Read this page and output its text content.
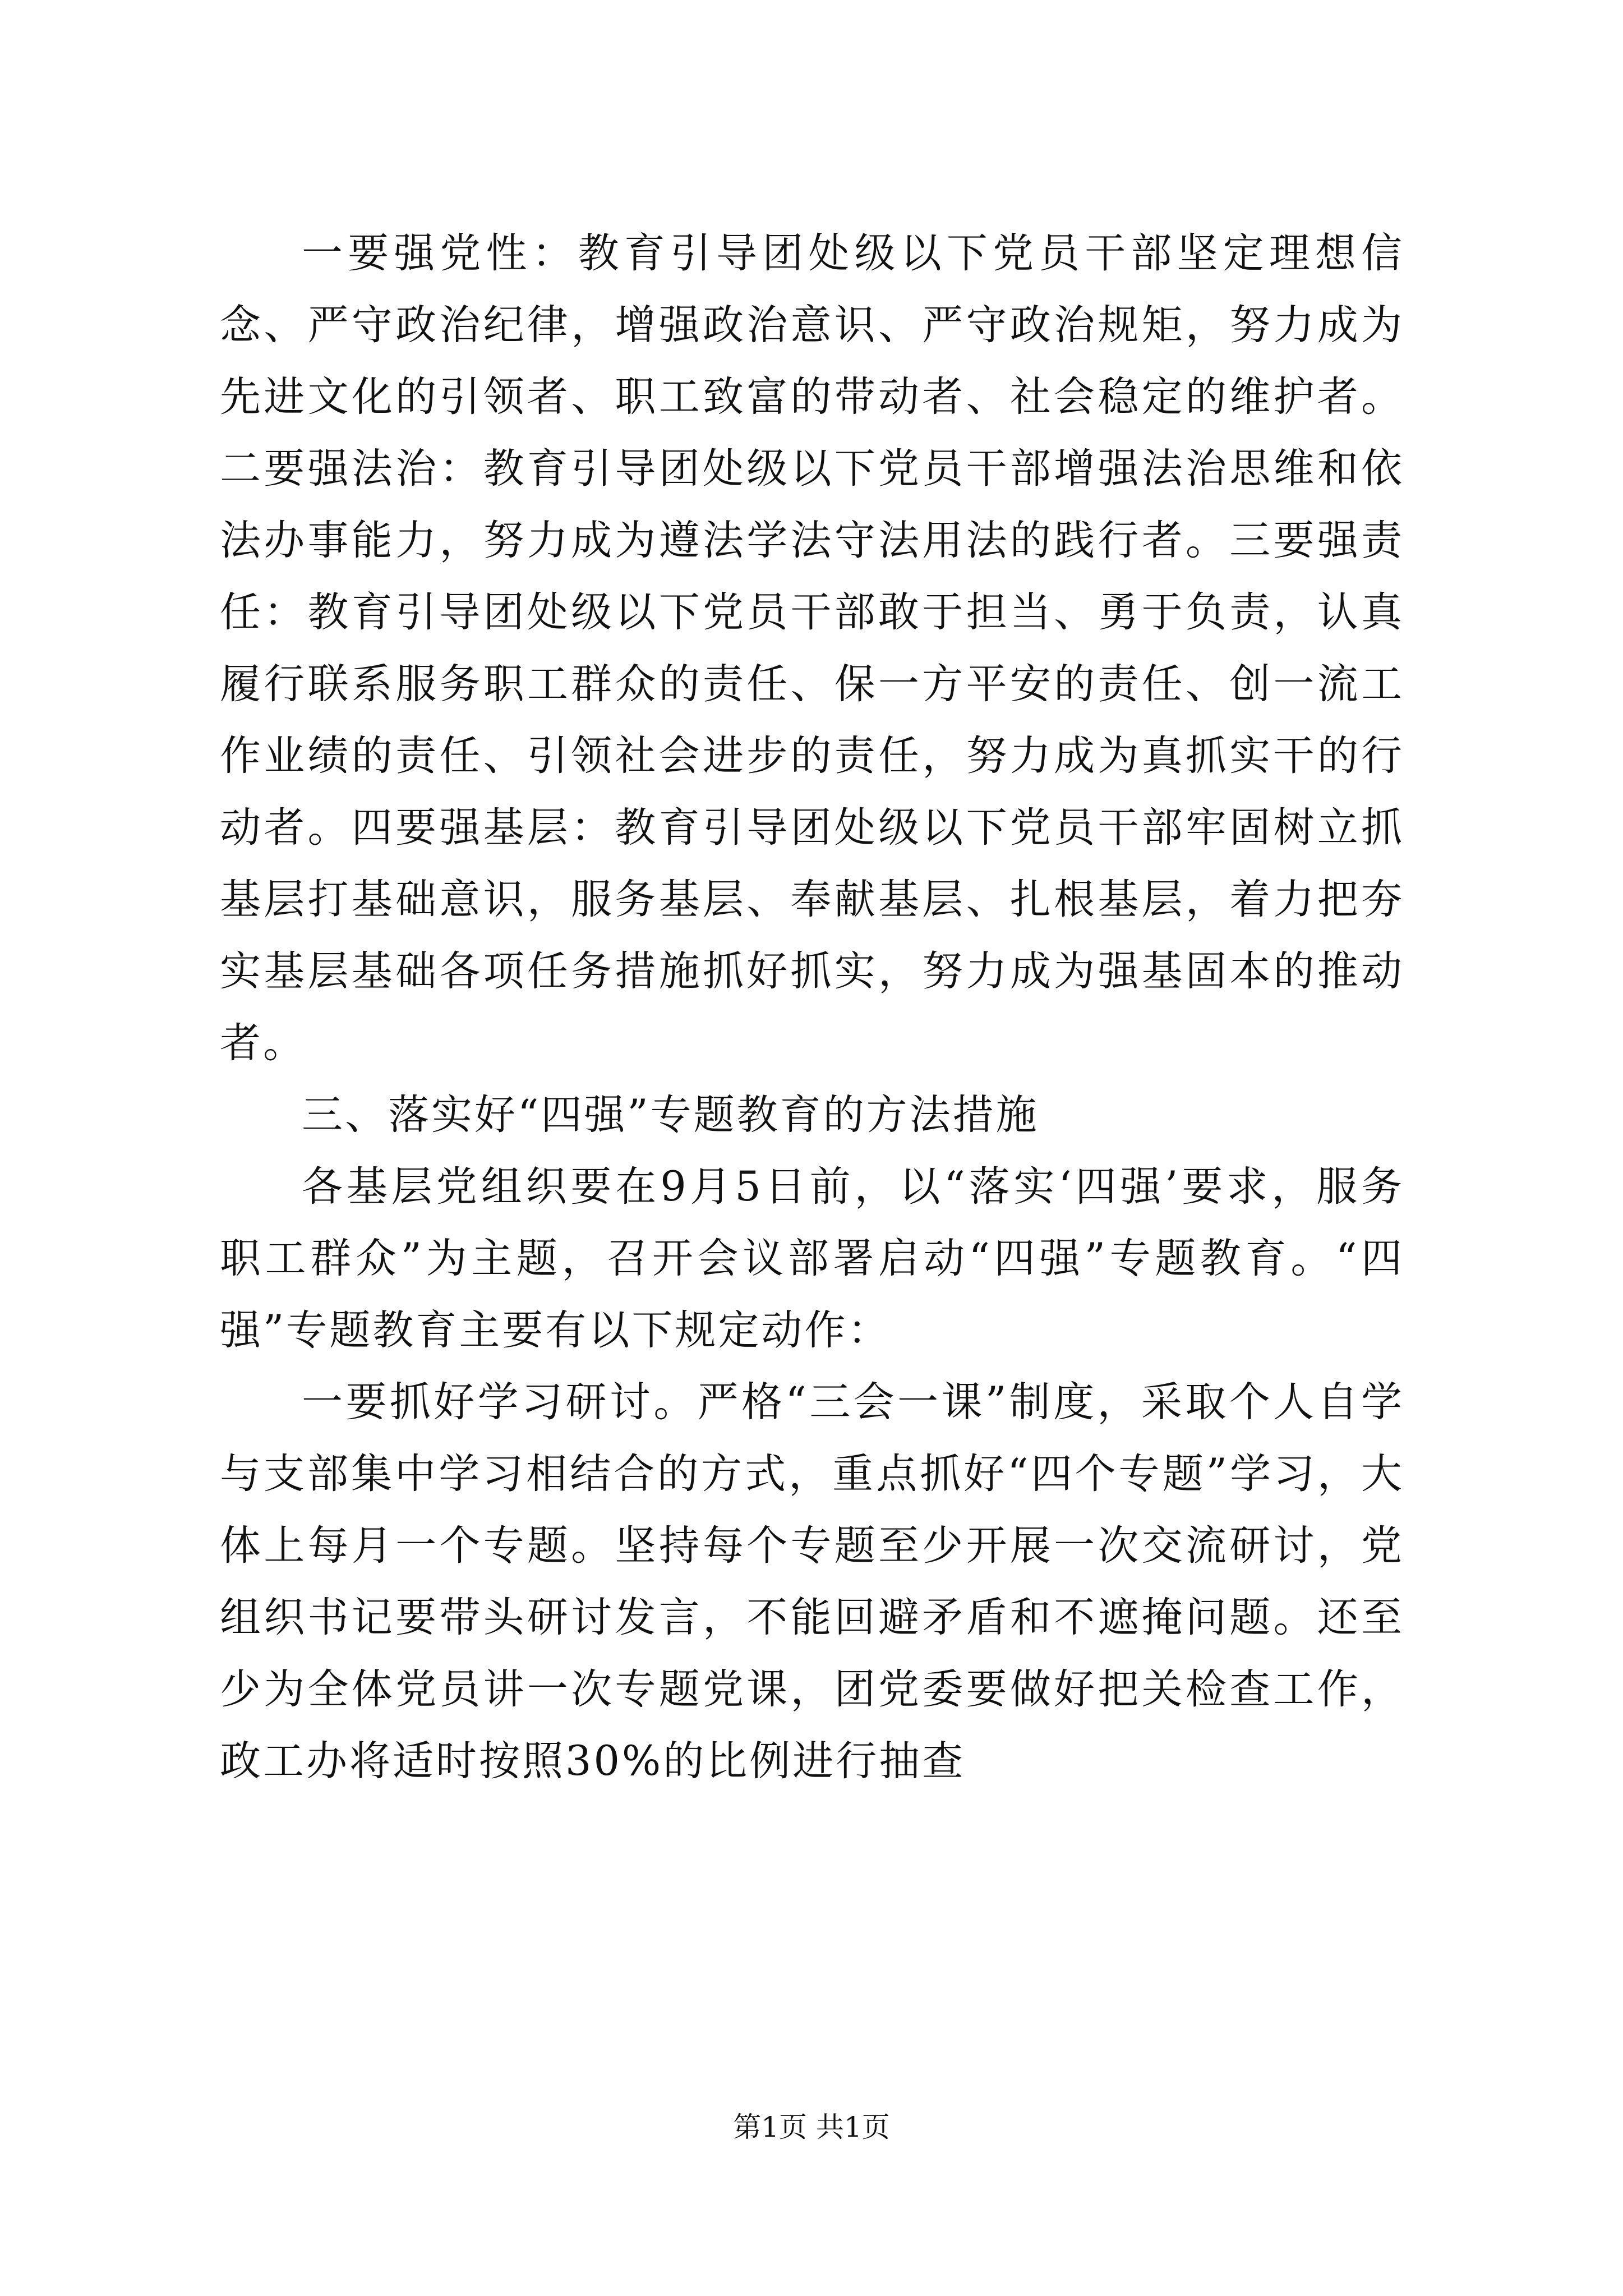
一要强党性：教育引导团处级以下党员干部坚定理想信念、严守政治纪律，增强政治意识、严守政治规矩，努力成为先进文化的引领者、职工致富的带动者、社会稳定的维护者。二要强法治：教育引导团处级以下党员干部增强法治思维和依法办事能力，努力成为遵法学法守法用法的践行者。三要强责任：教育引导团处级以下党员干部敢于担当、勇于负责，认真履行联系服务职工群众的责任、保一方平安的责任、创一流工作业绩的责任、引领社会进步的责任，努力成为真抓实干的行动者。四要强基层：教育引导团处级以下党员干部牢固树立抓基层打基础意识，服务基层、奉献基层、扎根基层，着力把夯实基层基础各项任务措施抓好抓实，努力成为强基固本的推动者。

三、落实好“四强”专题教育的方法措施

各基层党组织要在9月5日前，以“落实‘四强’要求，服务职工群众”为主题，召开会议部署启动“四强”专题教育。“四强”专题教育主要有以下规定动作：

一要抓好学习研讨。严格“三会一课”制度，采取个人自学与支部集中学习相结合的方式，重点抓好“四个专题”学习，大体上每月一个专题。坚持每个专题至少开展一次交流研讨，党组织书记要带头研讨发言，不能回避矛盾和不遮掩问题。还至少为全体党员讲一次专题党课，团党委要做好把关检查工作，政工办将适时按照30%的比例进行抽查

第1页 共1页
